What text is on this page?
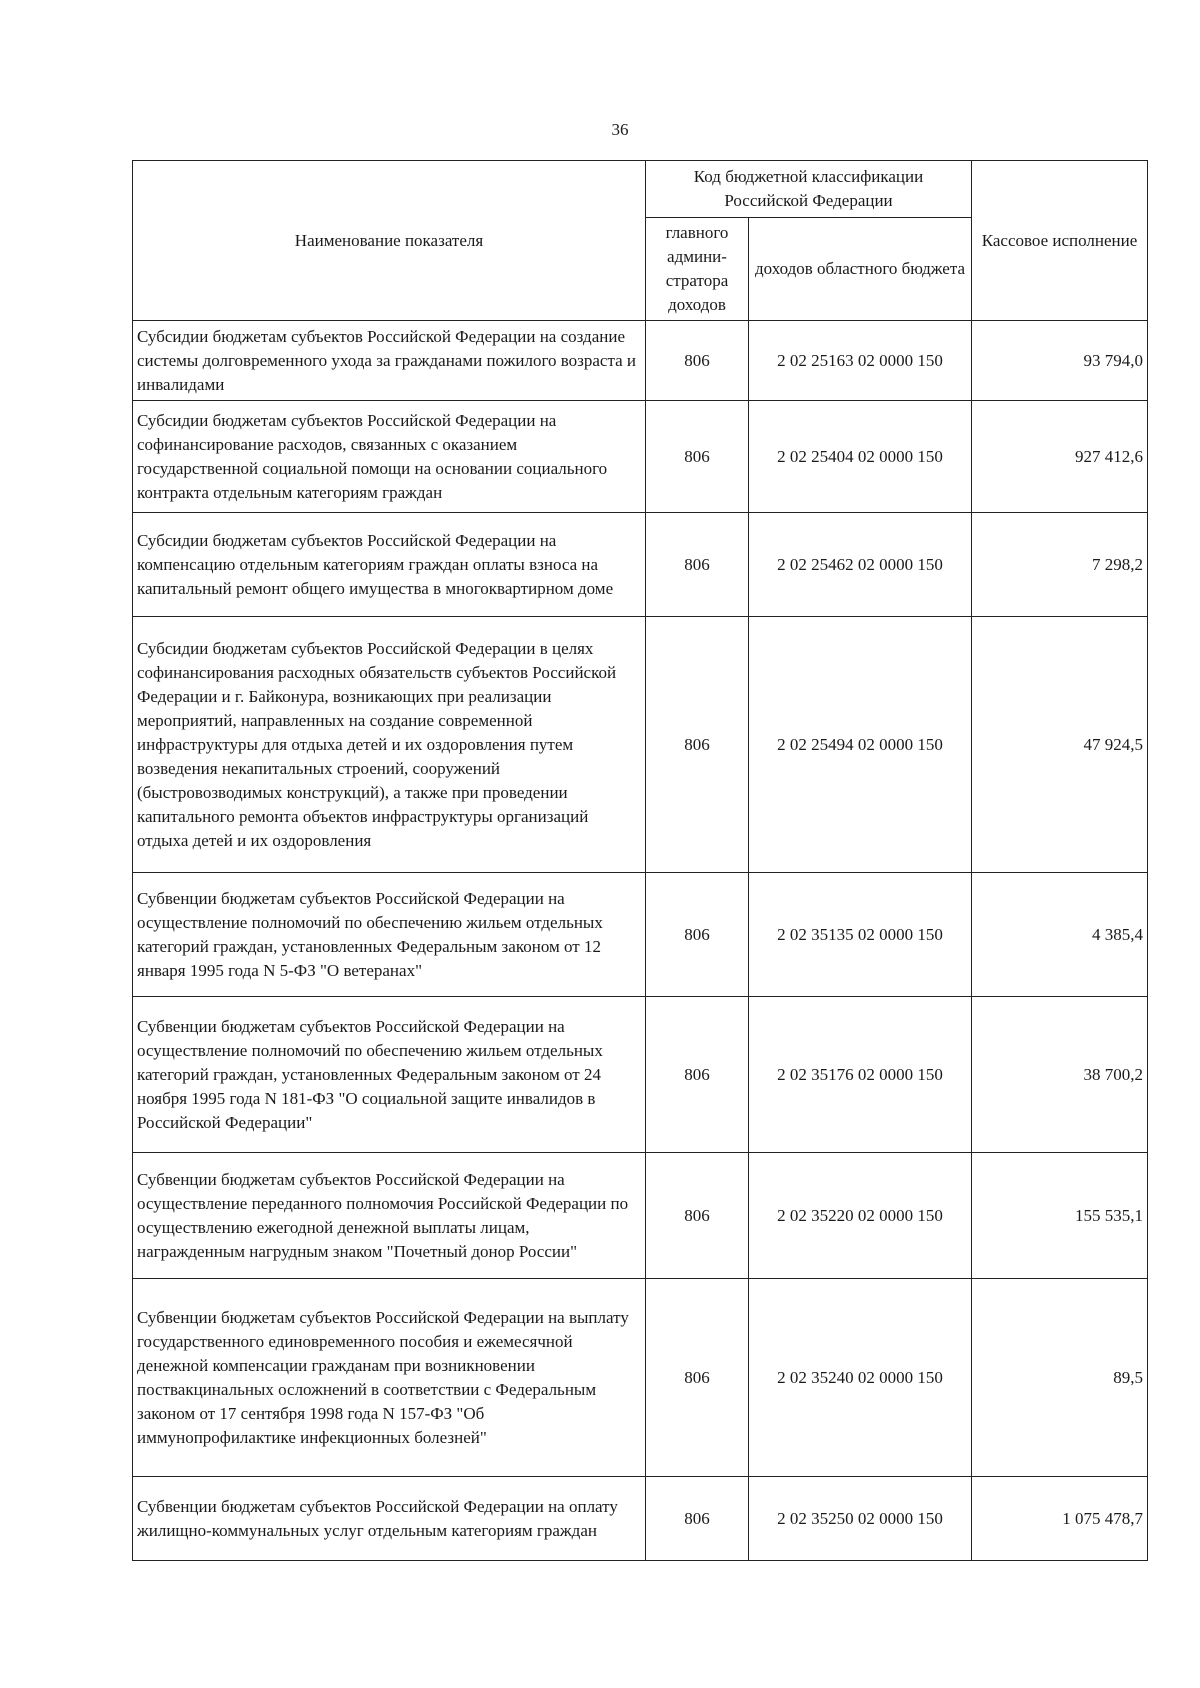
36
Наименование показателя	Код бюджетной классификации Российской Федерации		Кассовое исполнение
	главного админи-стратора доходов	доходов областного бюджета	
Субсидии бюджетам субъектов Российской Федерации на создание системы долговременного ухода за гражданами пожилого возраста и инвалидами	806	2 02 25163 02 0000 150	93 794,0
Субсидии бюджетам субъектов Российской Федерации на софинансирование расходов, связанных с оказанием государственной социальной помощи на основании социального контракта отдельным категориям граждан	806	2 02 25404 02 0000 150	927 412,6
Субсидии бюджетам субъектов Российской Федерации на компенсацию отдельным категориям граждан оплаты взноса на капитальный ремонт общего имущества в многоквартирном доме	806	2 02 25462 02 0000 150	7 298,2
Субсидии бюджетам субъектов Российской Федерации в целях софинансирования расходных обязательств субъектов Российской Федерации и г. Байконура, возникающих при реализации мероприятий, направленных на создание современной инфраструктуры для отдыха детей и их оздоровления путем возведения некапитальных строений, сооружений (быстровозводимых конструкций), а также при проведении капитального ремонта объектов инфраструктуры организаций отдыха детей и их оздоровления	806	2 02 25494 02 0000 150	47 924,5
Субвенции бюджетам субъектов Российской Федерации на осуществление полномочий по обеспечению жильем отдельных категорий граждан, установленных Федеральным законом от 12 января 1995 года N 5-ФЗ "О ветеранах"	806	2 02 35135 02 0000 150	4 385,4
Субвенции бюджетам субъектов Российской Федерации на осуществление полномочий по обеспечению жильем отдельных категорий граждан, установленных Федеральным законом от 24 ноября 1995 года N 181-ФЗ "О социальной защите инвалидов в Российской Федерации"	806	2 02 35176 02 0000 150	38 700,2
Субвенции бюджетам субъектов Российской Федерации на осуществление переданного полномочия Российской Федерации по осуществлению ежегодной денежной выплаты лицам, награжденным нагрудным знаком "Почетный донор России"	806	2 02 35220 02 0000 150	155 535,1
Субвенции бюджетам субъектов Российской Федерации на выплату государственного единовременного пособия и ежемесячной денежной компенсации гражданам при возникновении поствакцинальных осложнений в соответствии с Федеральным законом от 17 сентября 1998 года N 157-ФЗ "Об иммунопрофилактике инфекционных болезней"	806	2 02 35240 02 0000 150	89,5
Субвенции бюджетам субъектов Российской Федерации на оплату жилищно-коммунальных услуг отдельным категориям граждан	806	2 02 35250 02 0000 150	1 075 478,7
